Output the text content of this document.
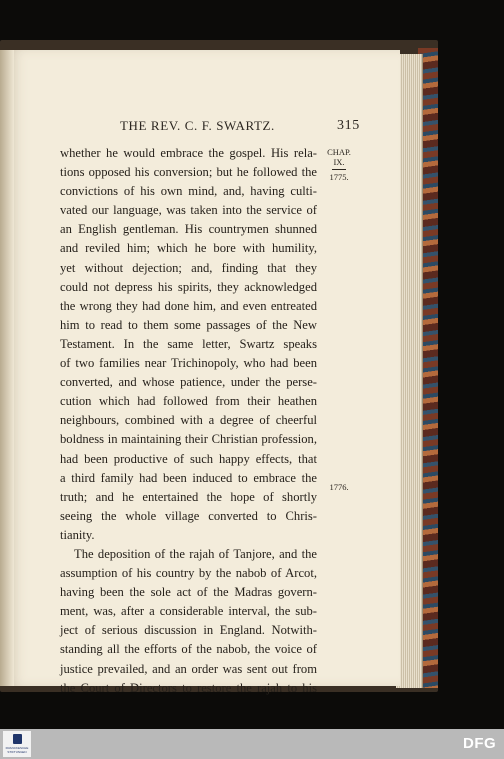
THE REV. C. F. SWARTZ.	315
CHAP.
IX.
1775.
1776.
whether he would embrace the gospel. His rela-
tions opposed his conversion; but he followed the
convictions of his own mind, and, having culti-
vated our language, was taken into the service of
an English gentleman. His countrymen shunned
and reviled him; which he bore with humility,
yet without dejection; and, finding that they
could not depress his spirits, they acknowledged
the wrong they had done him, and even entreated
him to read to them some passages of the New
Testament. In the same letter, Swartz speaks
of two families near Trichinopoly, who had been
converted, and whose patience, under the perse-
cution which had followed from their heathen
neighbours, combined with a degree of cheerful
boldness in maintaining their Christian profession,
had been productive of such happy effects, that
a third family had been induced to embrace the
truth; and he entertained the hope of shortly
seeing the whole village converted to Chris-
tianity.
The deposition of the rajah of Tanjore, and the
assumption of his country by the nabob of Arcot,
having been the sole act of the Madras govern-
ment, was, after a considerable interval, the sub-
ject of serious discussion in England. Notwith-
standing all the efforts of the nabob, the voice of
justice prevailed, and an order was sent out from
the Court of Directors to restore the rajah to his
FRANCKESCHE STIFTUNGEN	DFG
